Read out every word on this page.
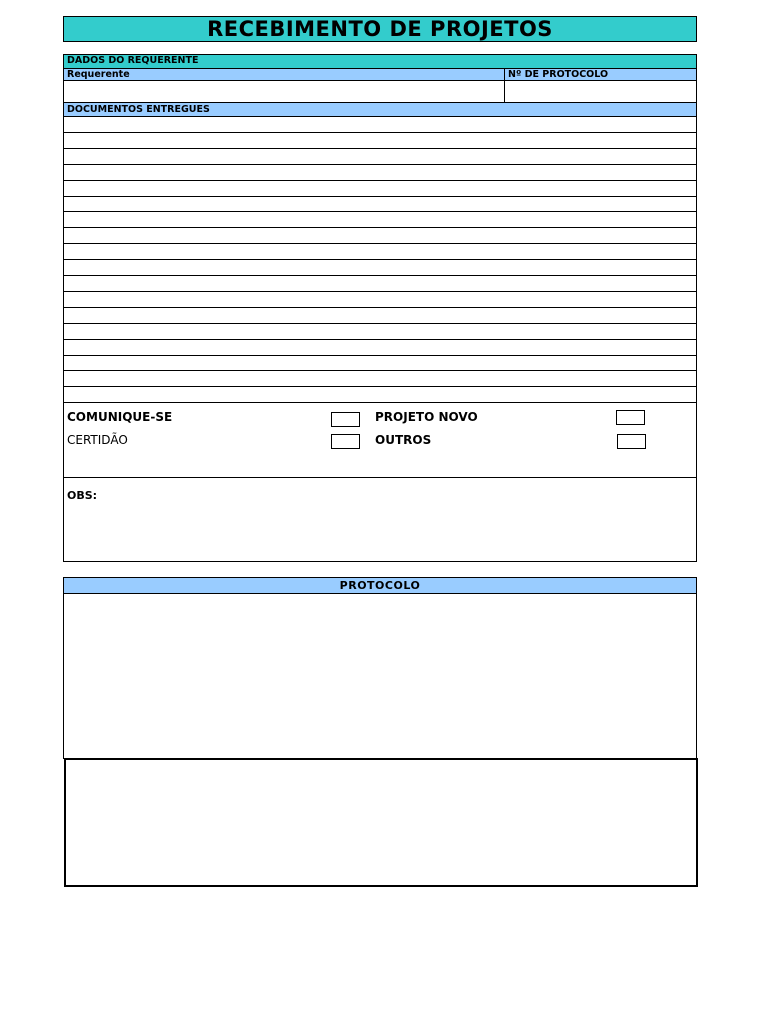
RECEBIMENTO DE PROJETOS
DADOS DO REQUERENTE
Requerente	Nº DE PROTOCOLO
DOCUMENTOS ENTREGUES
COMUNIQUE-SE	PROJETO NOVO
CERTIDÃO	OUTROS
OBS:
PROTOCOLO
